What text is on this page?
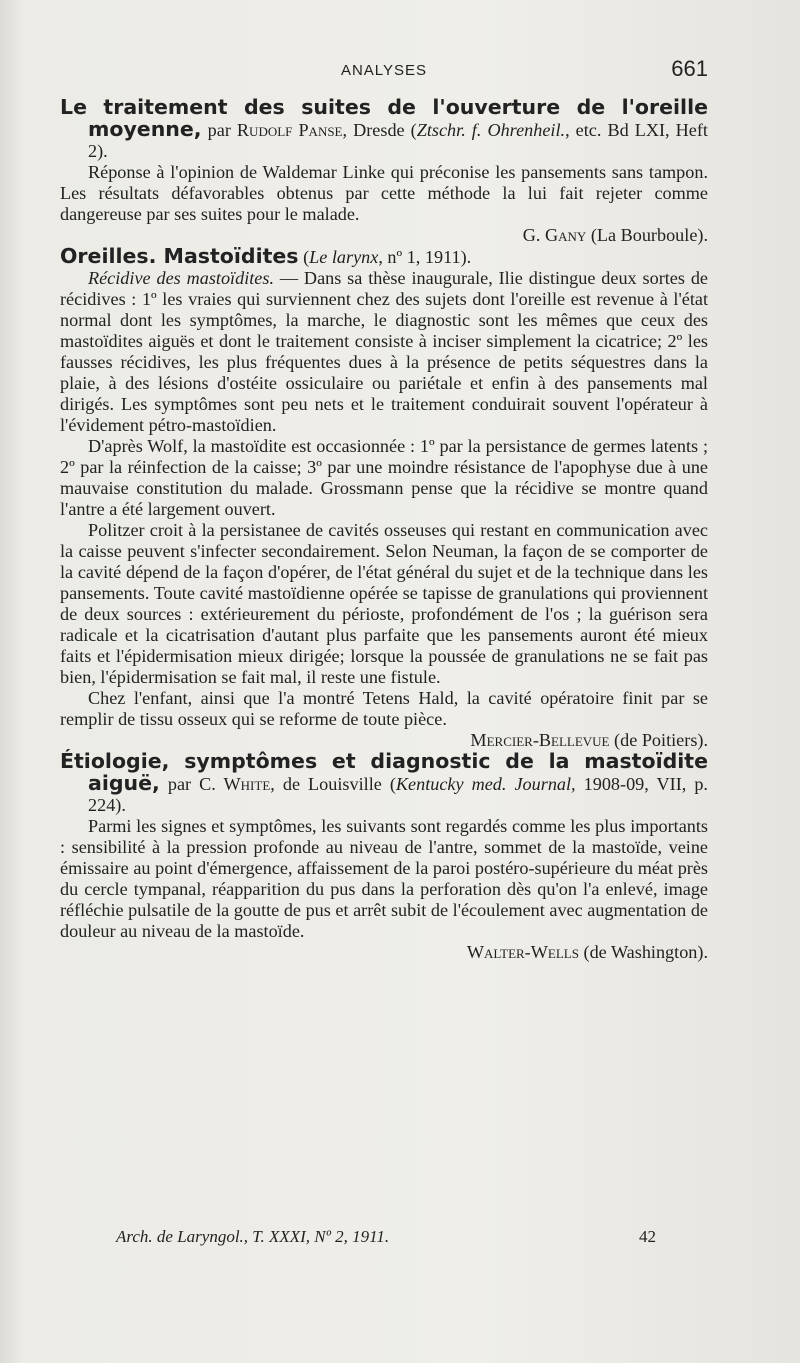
ANALYSES	661

Le traitement des suites de l'ouverture de l'oreille moyenne, par Rudolf Panse, Dresde (Ztschr. f. Ohrenheil., etc. Bd LXI, Heft 2).

Réponse à l'opinion de Waldemar Linke qui préconise les pansements sans tampon. Les résultats défavorables obtenus par cette méthode la lui fait rejeter comme dangereuse par ses suites pour le malade.

G. Gany (La Bourboule).

Oreilles. Mastoïdites (Le larynx, nº 1, 1911).

Récidive des mastoïdites. — Dans sa thèse inaugurale, Ilie distingue deux sortes de récidives : 1º les vraies qui surviennent chez des sujets dont l'oreille est revenue à l'état normal dont les symptômes, la marche, le diagnostic sont les mêmes que ceux des mastoïdites aiguës et dont le traitement consiste à inciser simplement la cicatrice; 2º les fausses récidives, les plus fréquentes dues à la présence de petits séquestres dans la plaie, à des lésions d'ostéite ossiculaire ou pariétale et enfin à des pansements mal dirigés. Les symptômes sont peu nets et le traitement conduirait souvent l'opérateur à l'évidement pétro-mastoïdien.

D'après Wolf, la mastoïdite est occasionnée : 1º par la persistance de germes latents ; 2º par la réinfection de la caisse; 3º par une moindre résistance de l'apophyse due à une mauvaise constitution du malade. Grossmann pense que la récidive se montre quand l'antre a été largement ouvert.

Politzer croit à la persistanee de cavités osseuses qui restant en communication avec la caisse peuvent s'infecter secondairement. Selon Neuman, la façon de se comporter de la cavité dépend de la façon d'opérer, de l'état général du sujet et de la technique dans les pansements. Toute cavité mastoïdienne opérée se tapisse de granulations qui proviennent de deux sources : extérieurement du périoste, profondément de l'os ; la guérison sera radicale et la cicatrisation d'autant plus parfaite que les pansements auront été mieux faits et l'épidermisation mieux dirigée; lorsque la poussée de granulations ne se fait pas bien, l'épidermisation se fait mal, il reste une fistule.

Chez l'enfant, ainsi que l'a montré Tetens Hald, la cavité opératoire finit par se remplir de tissu osseux qui se reforme de toute pièce.

Mercier-Bellevue (de Poitiers).

Étiologie, symptômes et diagnostic de la mastoïdite aiguë, par C. White, de Louisville (Kentucky med. Journal, 1908-09, VII, p. 224).

Parmi les signes et symptômes, les suivants sont regardés comme les plus importants : sensibilité à la pression profonde au niveau de l'antre, sommet de la mastoïde, veine émissaire au point d'émergence, affaissement de la paroi postéro-supérieure du méat près du cercle tympanal, réapparition du pus dans la perforation dès qu'on l'a enlevé, image réfléchie pulsatile de la goutte de pus et arrêt subit de l'écoulement avec augmentation de douleur au niveau de la mastoïde.

Walter-Wells (de Washington).

Arch. de Laryngol., T. XXXI, Nº 2, 1911.	42
